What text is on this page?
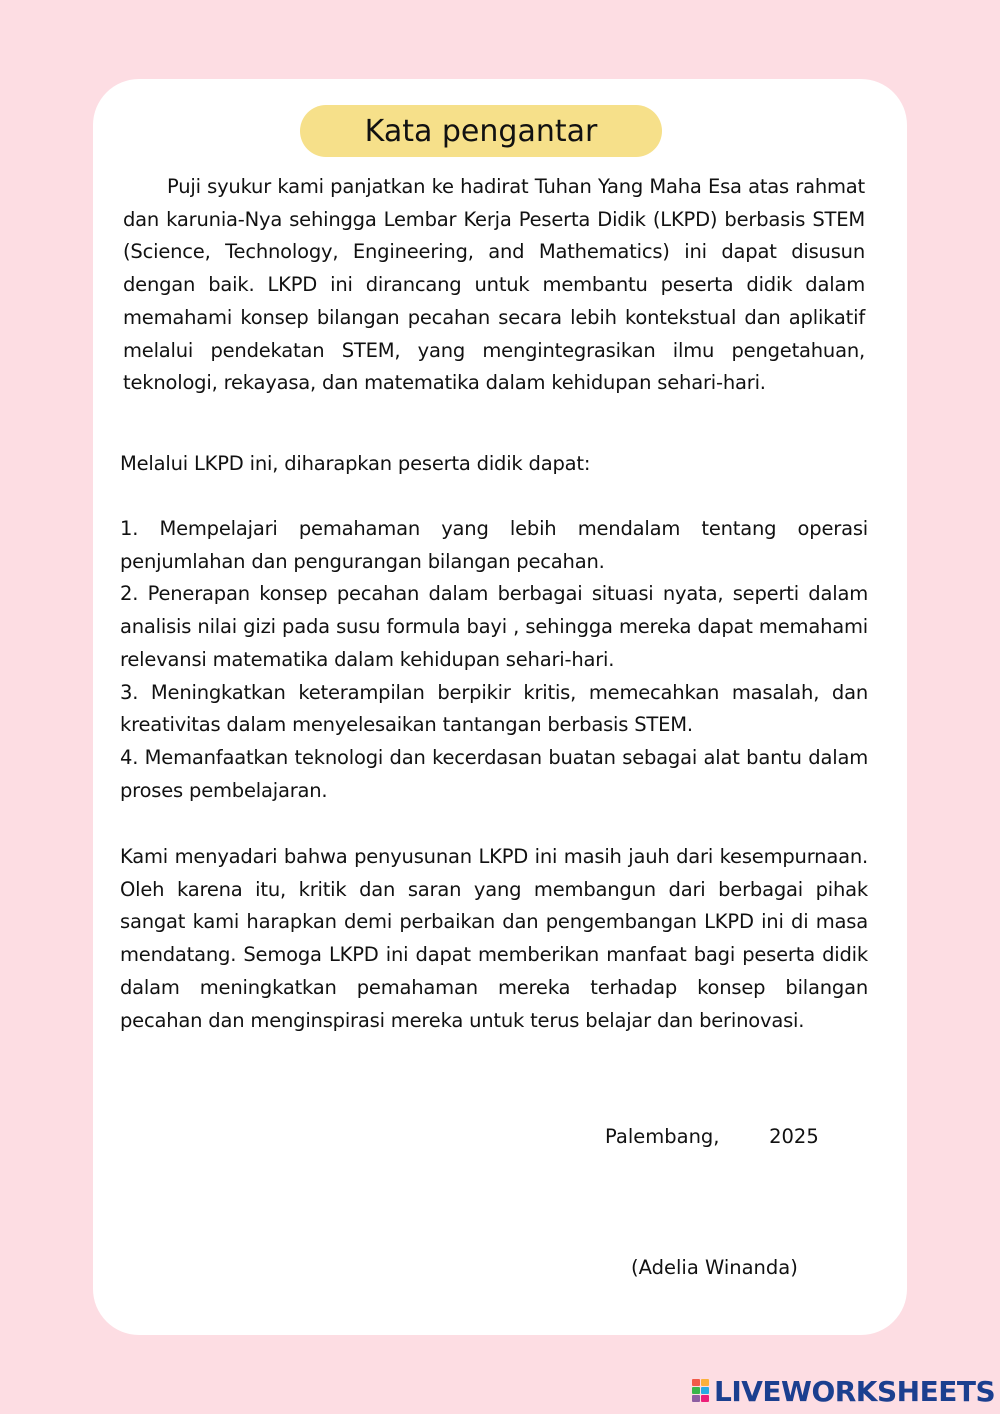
Kata pengantar
Puji syukur kami panjatkan ke hadirat Tuhan Yang Maha Esa atas rahmat dan karunia-Nya sehingga Lembar Kerja Peserta Didik (LKPD) berbasis STEM (Science, Technology, Engineering, and Mathematics) ini dapat disusun dengan baik. LKPD ini dirancang untuk membantu peserta didik dalam memahami konsep bilangan pecahan secara lebih kontekstual dan aplikatif melalui pendekatan STEM, yang mengintegrasikan ilmu pengetahuan, teknologi, rekayasa, dan matematika dalam kehidupan sehari-hari.
Melalui LKPD ini, diharapkan peserta didik dapat:

1. Mempelajari pemahaman yang lebih mendalam tentang operasi penjumlahan dan pengurangan bilangan pecahan.

2. Penerapan konsep pecahan dalam berbagai situasi nyata, seperti dalam analisis nilai gizi pada susu formula bayi , sehingga mereka dapat memahami relevansi matematika dalam kehidupan sehari-hari.

3. Meningkatkan keterampilan berpikir kritis, memecahkan masalah, dan kreativitas dalam menyelesaikan tantangan berbasis STEM.

4. Memanfaatkan teknologi dan kecerdasan buatan sebagai alat bantu dalam proses pembelajaran.

Kami menyadari bahwa penyusunan LKPD ini masih jauh dari kesempurnaan. Oleh karena itu, kritik dan saran yang membangun dari berbagai pihak sangat kami harapkan demi perbaikan dan pengembangan LKPD ini di masa mendatang. Semoga LKPD ini dapat memberikan manfaat bagi peserta didik dalam meningkatkan pemahaman mereka terhadap konsep bilangan pecahan dan menginspirasi mereka untuk terus belajar dan berinovasi.
Palembang,        2025
(Adelia Winanda)
LIVEWORKSHEETS
